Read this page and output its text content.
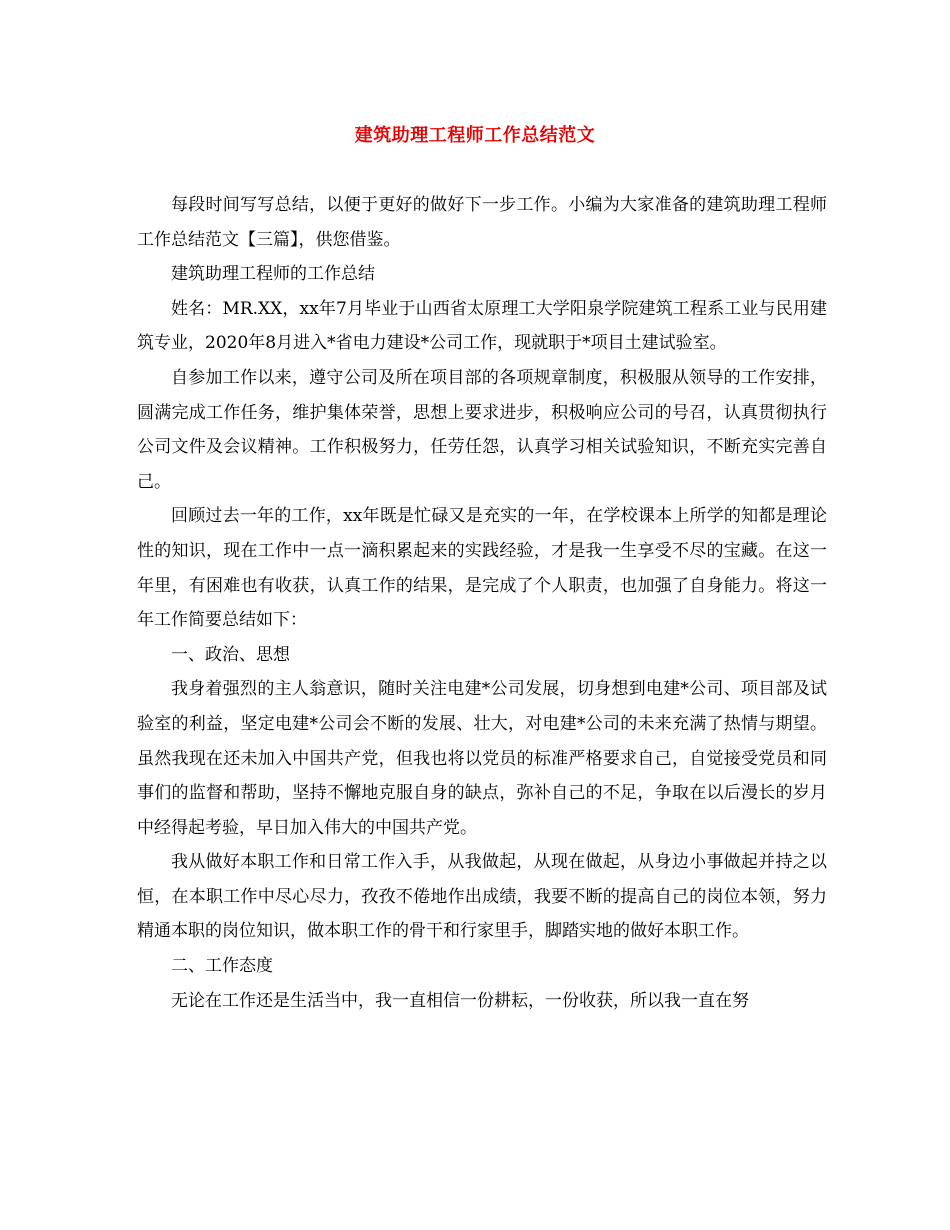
建筑助理工程师工作总结范文

每段时间写写总结，以便于更好的做好下一步工作。小编为大家准备的建筑助理工程师工作总结范文【三篇】，供您借鉴。

建筑助理工程师的工作总结

姓名：MR.XX，xx年7月毕业于山西省太原理工大学阳泉学院建筑工程系工业与民用建筑专业，2020年8月进入*省电力建设*公司工作，现就职于*项目土建试验室。

自参加工作以来，遵守公司及所在项目部的各项规章制度，积极服从领导的工作安排，圆满完成工作任务，维护集体荣誉，思想上要求进步，积极响应公司的号召，认真贯彻执行公司文件及会议精神。工作积极努力，任劳任怨，认真学习相关试验知识，不断充实完善自己。

回顾过去一年的工作，xx年既是忙碌又是充实的一年，在学校课本上所学的知都是理论性的知识，现在工作中一点一滴积累起来的实践经验，才是我一生享受不尽的宝藏。在这一年里，有困难也有收获，认真工作的结果，是完成了个人职责，也加强了自身能力。将这一年工作简要总结如下：

一、政治、思想

我身着强烈的主人翁意识，随时关注电建*公司发展，切身想到电建*公司、项目部及试验室的利益，坚定电建*公司会不断的发展、壮大，对电建*公司的未来充满了热情与期望。虽然我现在还未加入中国共产党，但我也将以党员的标准严格要求自己，自觉接受党员和同事们的监督和帮助，坚持不懈地克服自身的缺点，弥补自己的不足，争取在以后漫长的岁月中经得起考验，早日加入伟大的中国共产党。

我从做好本职工作和日常工作入手，从我做起，从现在做起，从身边小事做起并持之以恒，在本职工作中尽心尽力，孜孜不倦地作出成绩，我要不断的提高自己的岗位本领，努力精通本职的岗位知识，做本职工作的骨干和行家里手，脚踏实地的做好本职工作。

二、工作态度

无论在工作还是生活当中，我一直相信一份耕耘，一份收获，所以我一直在努
